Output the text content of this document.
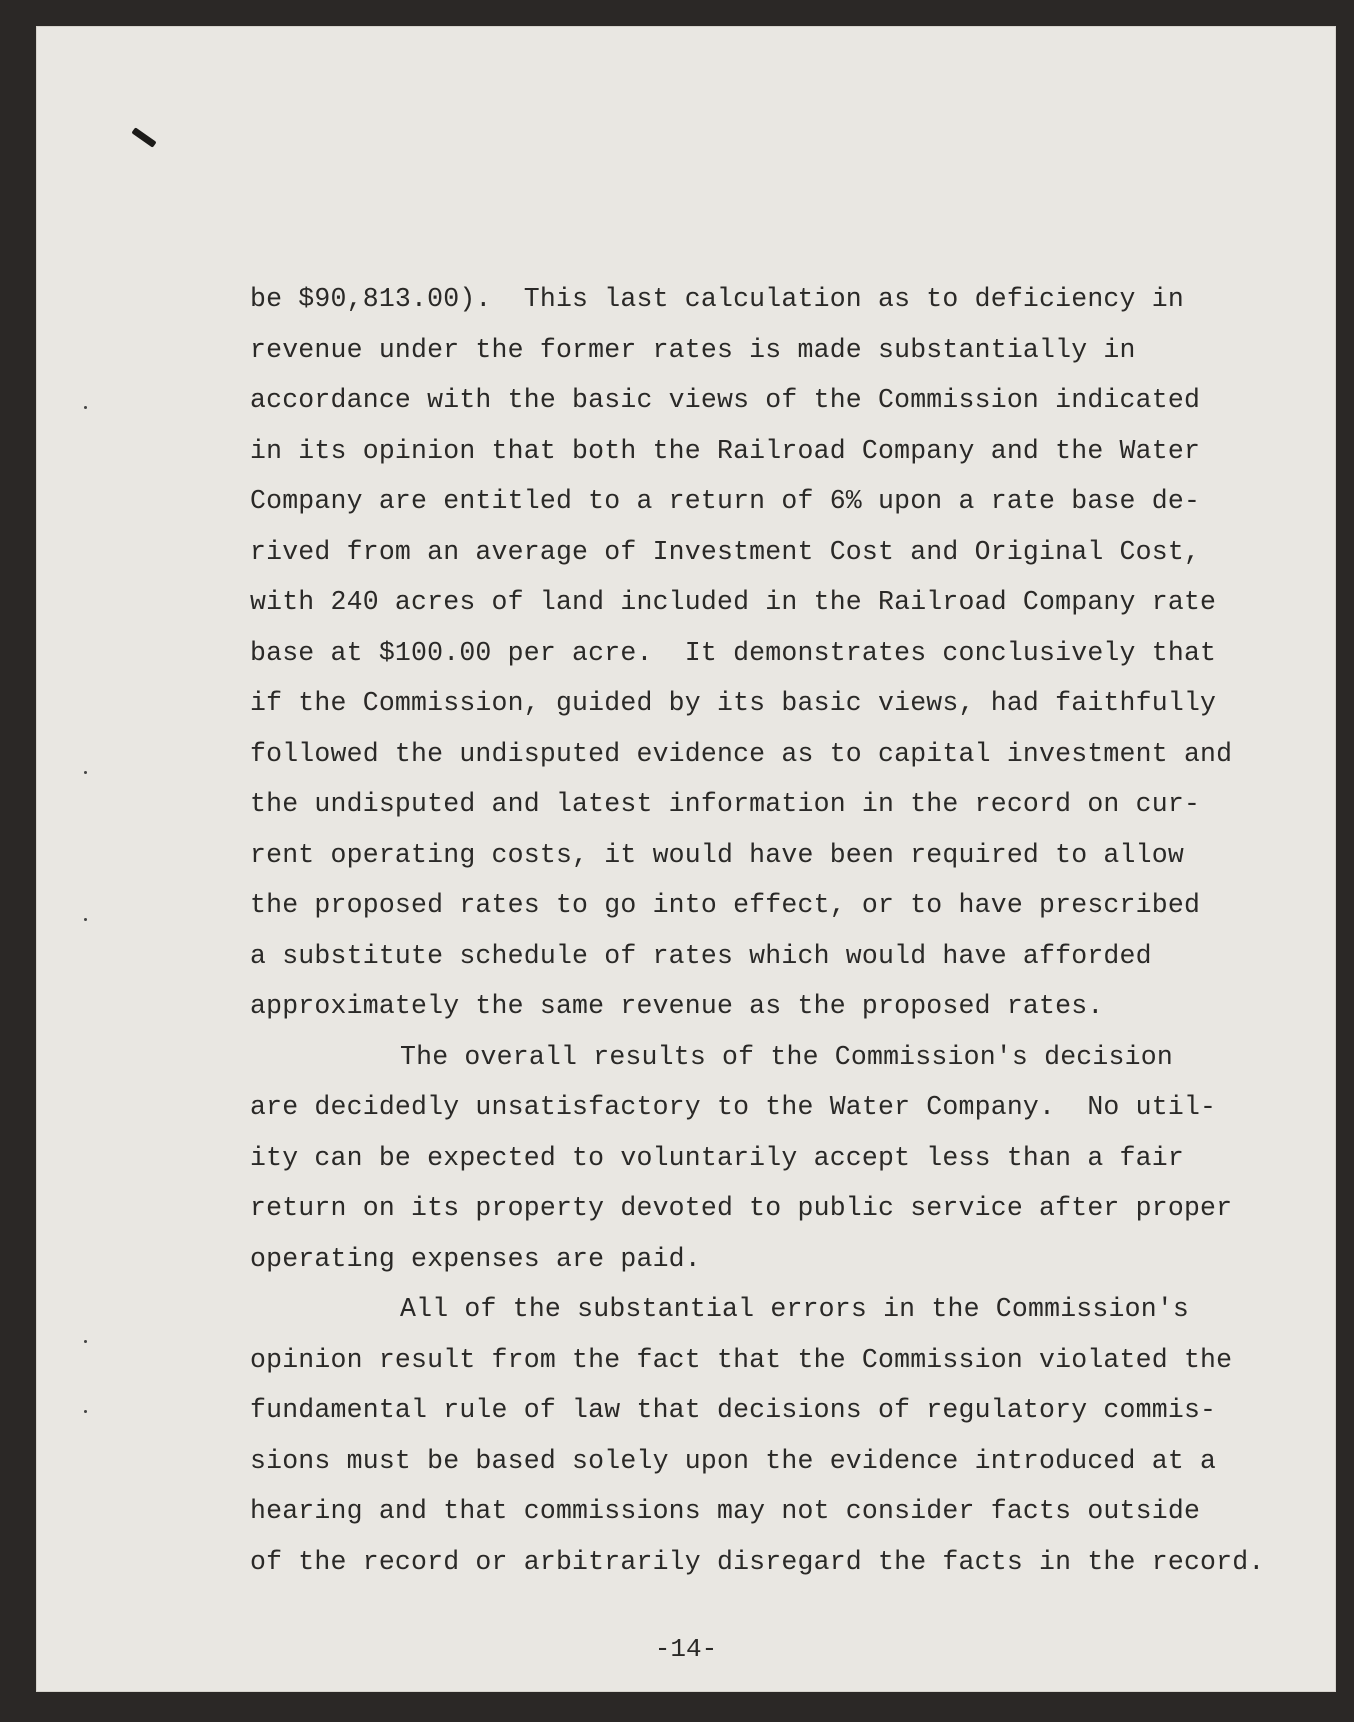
be $90,813.00).  This last calculation as to deficiency in
revenue under the former rates is made substantially in
accordance with the basic views of the Commission indicated
in its opinion that both the Railroad Company and the Water
Company are entitled to a return of 6% upon a rate base de-
rived from an average of Investment Cost and Original Cost,
with 240 acres of land included in the Railroad Company rate
base at $100.00 per acre.  It demonstrates conclusively that
if the Commission, guided by its basic views, had faithfully
followed the undisputed evidence as to capital investment and
the undisputed and latest information in the record on cur-
rent operating costs, it would have been required to allow
the proposed rates to go into effect, or to have prescribed
a substitute schedule of rates which would have afforded
approximately the same revenue as the proposed rates.
The overall results of the Commission's decision
are decidedly unsatisfactory to the Water Company.  No util-
ity can be expected to voluntarily accept less than a fair
return on its property devoted to public service after proper
operating expenses are paid.
All of the substantial errors in the Commission's
opinion result from the fact that the Commission violated the
fundamental rule of law that decisions of regulatory commis-
sions must be based solely upon the evidence introduced at a
hearing and that commissions may not consider facts outside
of the record or arbitrarily disregard the facts in the record.
-14-
